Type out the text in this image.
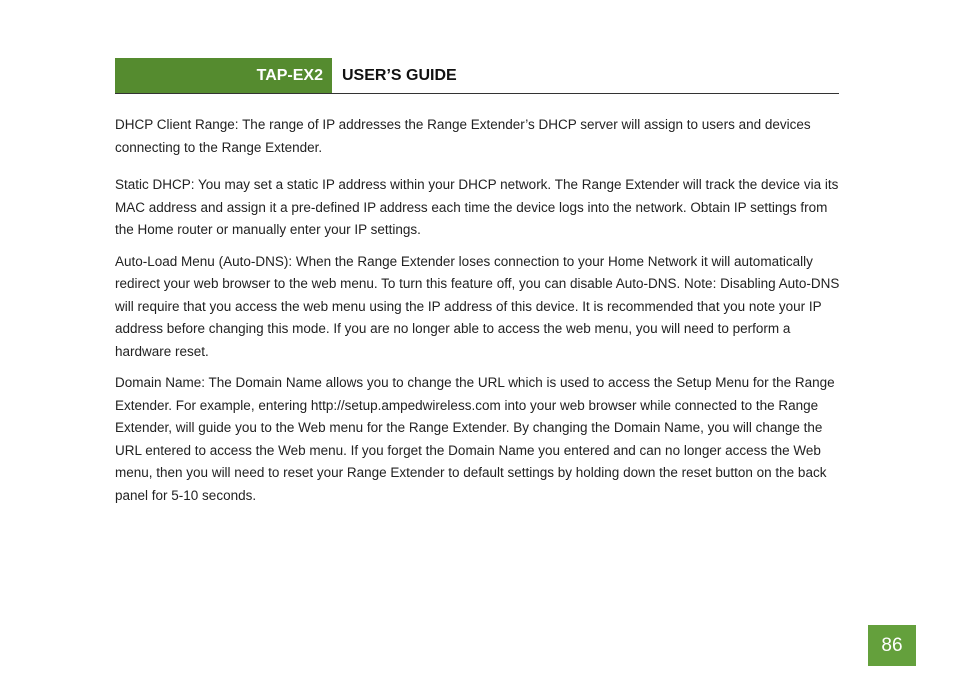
TAP-EX2	USER’S GUIDE

DHCP Client Range: The range of IP addresses the Range Extender’s DHCP server will assign to users and devices connecting to the Range Extender.

Static DHCP: You may set a static IP address within your DHCP network. The Range Extender will track the device via its MAC address and assign it a pre-defined IP address each time the device logs into the network. Obtain IP settings from the Home router or manually enter your IP settings.

Auto-Load Menu (Auto-DNS): When the Range Extender loses connection to your Home Network it will automatically redirect your web browser to the web menu. To turn this feature off, you can disable Auto-DNS. Note: Disabling Auto-DNS will require that you access the web menu using the IP address of this device. It is recommended that you note your IP address before changing this mode. If you are no longer able to access the web menu, you will need to perform a hardware reset.

Domain Name: The Domain Name allows you to change the URL which is used to access the Setup Menu for the Range Extender. For example, entering http://setup.ampedwireless.com into your web browser while connected to the Range Extender, will guide you to the Web menu for the Range Extender. By changing the Domain Name, you will change the URL entered to access the Web menu. If you forget the Domain Name you entered and can no longer access the Web menu, then you will need to reset your Range Extender to default settings by holding down the reset button on the back panel for 5-10 seconds.

86
